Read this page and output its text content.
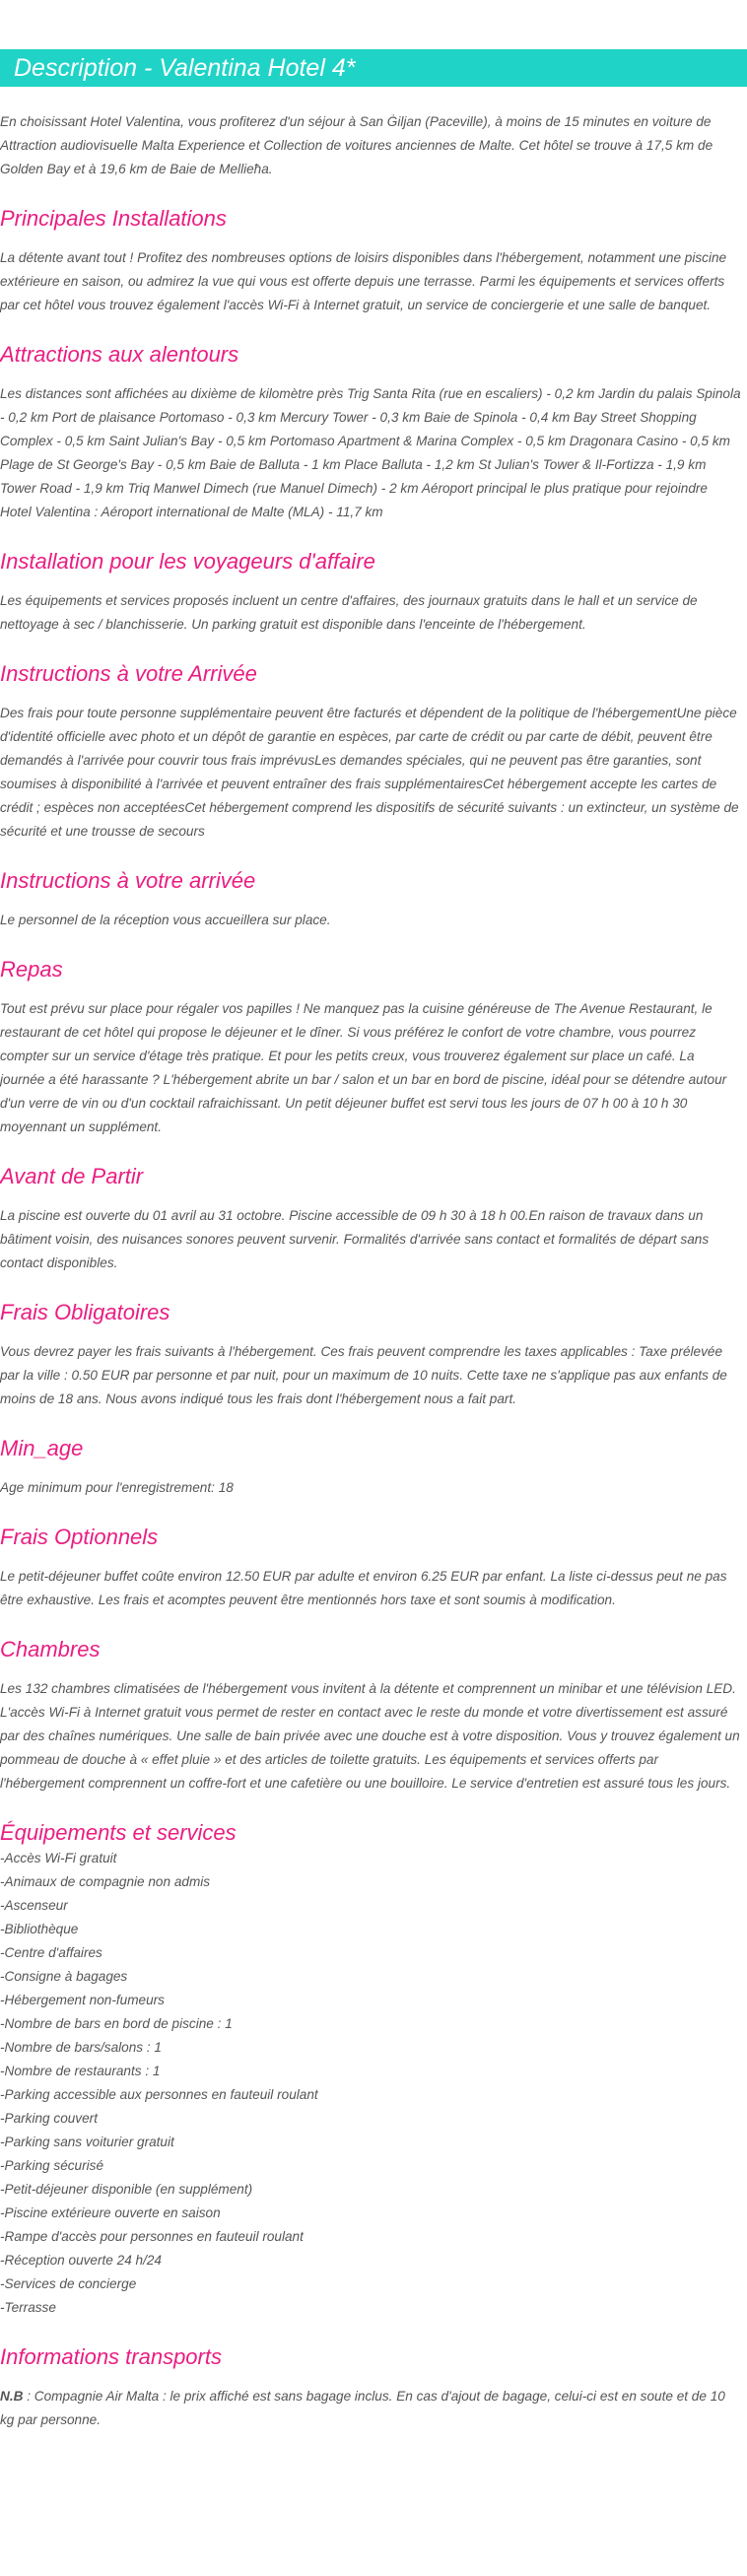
Description - Valentina Hotel 4*

En choisissant Hotel Valentina, vous profiterez d'un séjour à San Ġiljan (Paceville), à moins de 15 minutes en voiture de Attraction audiovisuelle Malta Experience et Collection de voitures anciennes de Malte. Cet hôtel se trouve à 17,5 km de Golden Bay et à 19,6 km de Baie de Mellieħa.

Principales Installations

La détente avant tout ! Profitez des nombreuses options de loisirs disponibles dans l'hébergement, notamment une piscine extérieure en saison, ou admirez la vue qui vous est offerte depuis une terrasse. Parmi les équipements et services offerts par cet hôtel vous trouvez également l'accès Wi-Fi à Internet gratuit, un service de conciergerie et une salle de banquet.

Attractions aux alentours

Les distances sont affichées au dixième de kilomètre près Trig Santa Rita (rue en escaliers) - 0,2 km Jardin du palais Spinola - 0,2 km Port de plaisance Portomaso - 0,3 km Mercury Tower - 0,3 km Baie de Spinola - 0,4 km Bay Street Shopping Complex - 0,5 km Saint Julian's Bay - 0,5 km Portomaso Apartment & Marina Complex - 0,5 km Dragonara Casino - 0,5 km Plage de St George's Bay - 0,5 km Baie de Balluta - 1 km Place Balluta - 1,2 km St Julian's Tower & Il-Fortizza - 1,9 km Tower Road - 1,9 km Triq Manwel Dimech (rue Manuel Dimech) - 2 km Aéroport principal le plus pratique pour rejoindre Hotel Valentina : Aéroport international de Malte (MLA) - 11,7 km

Installation pour les voyageurs d'affaire

Les équipements et services proposés incluent un centre d'affaires, des journaux gratuits dans le hall et un service de nettoyage à sec / blanchisserie. Un parking gratuit est disponible dans l'enceinte de l'hébergement.

Instructions à votre Arrivée

Des frais pour toute personne supplémentaire peuvent être facturés et dépendent de la politique de l'hébergementUne pièce d'identité officielle avec photo et un dépôt de garantie en espèces, par carte de crédit ou par carte de débit, peuvent être demandés à l'arrivée pour couvrir tous frais imprévusLes demandes spéciales, qui ne peuvent pas être garanties, sont soumises à disponibilité à l'arrivée et peuvent entraîner des frais supplémentairesCet hébergement accepte les cartes de crédit ; espèces non acceptéesCet hébergement comprend les dispositifs de sécurité suivants : un extincteur, un système de sécurité et une trousse de secours

Instructions à votre arrivée

Le personnel de la réception vous accueillera sur place.

Repas

Tout est prévu sur place pour régaler vos papilles ! Ne manquez pas la cuisine généreuse de The Avenue Restaurant, le restaurant de cet hôtel qui propose le déjeuner et le dîner. Si vous préférez le confort de votre chambre, vous pourrez compter sur un service d'étage très pratique. Et pour les petits creux, vous trouverez également sur place un café. La journée a été harassante ? L'hébergement abrite un bar / salon et un bar en bord de piscine, idéal pour se détendre autour d'un verre de vin ou d'un cocktail rafraichissant. Un petit déjeuner buffet est servi tous les jours de 07 h 00 à 10 h 30 moyennant un supplément.

Avant de Partir

La piscine est ouverte du 01 avril au 31 octobre. Piscine accessible de 09 h 30 à 18 h 00.En raison de travaux dans un bâtiment voisin, des nuisances sonores peuvent survenir. Formalités d'arrivée sans contact et formalités de départ sans contact disponibles.

Frais Obligatoires

Vous devrez payer les frais suivants à l'hébergement. Ces frais peuvent comprendre les taxes applicables : Taxe prélevée par la ville : 0.50 EUR par personne et par nuit, pour un maximum de 10 nuits. Cette taxe ne s'applique pas aux enfants de moins de 18 ans. Nous avons indiqué tous les frais dont l'hébergement nous a fait part.

Min_age

Age minimum pour l'enregistrement: 18

Frais Optionnels

Le petit-déjeuner buffet coûte environ 12.50 EUR par adulte et environ 6.25 EUR par enfant. La liste ci-dessus peut ne pas être exhaustive. Les frais et acomptes peuvent être mentionnés hors taxe et sont soumis à modification.

Chambres

Les 132 chambres climatisées de l'hébergement vous invitent à la détente et comprennent un minibar et une télévision LED. L'accès Wi-Fi à Internet gratuit vous permet de rester en contact avec le reste du monde et votre divertissement est assuré par des chaînes numériques. Une salle de bain privée avec une douche est à votre disposition. Vous y trouvez également un pommeau de douche à « effet pluie » et des articles de toilette gratuits. Les équipements et services offerts par l'hébergement comprennent un coffre-fort et une cafetière ou une bouilloire. Le service d'entretien est assuré tous les jours.

Équipements et services
-Accès Wi-Fi gratuit
-Animaux de compagnie non admis
-Ascenseur
-Bibliothèque
-Centre d'affaires
-Consigne à bagages
-Hébergement non-fumeurs
-Nombre de bars en bord de piscine : 1
-Nombre de bars/salons : 1
-Nombre de restaurants : 1
-Parking accessible aux personnes en fauteuil roulant
-Parking couvert
-Parking sans voiturier gratuit
-Parking sécurisé
-Petit-déjeuner disponible (en supplément)
-Piscine extérieure ouverte en saison
-Rampe d'accès pour personnes en fauteuil roulant
-Réception ouverte 24 h/24
-Services de concierge
-Terrasse
Informations transports

N.B : Compagnie Air Malta : le prix affiché est sans bagage inclus. En cas d'ajout de bagage, celui-ci est en soute et de 10 kg par personne.
